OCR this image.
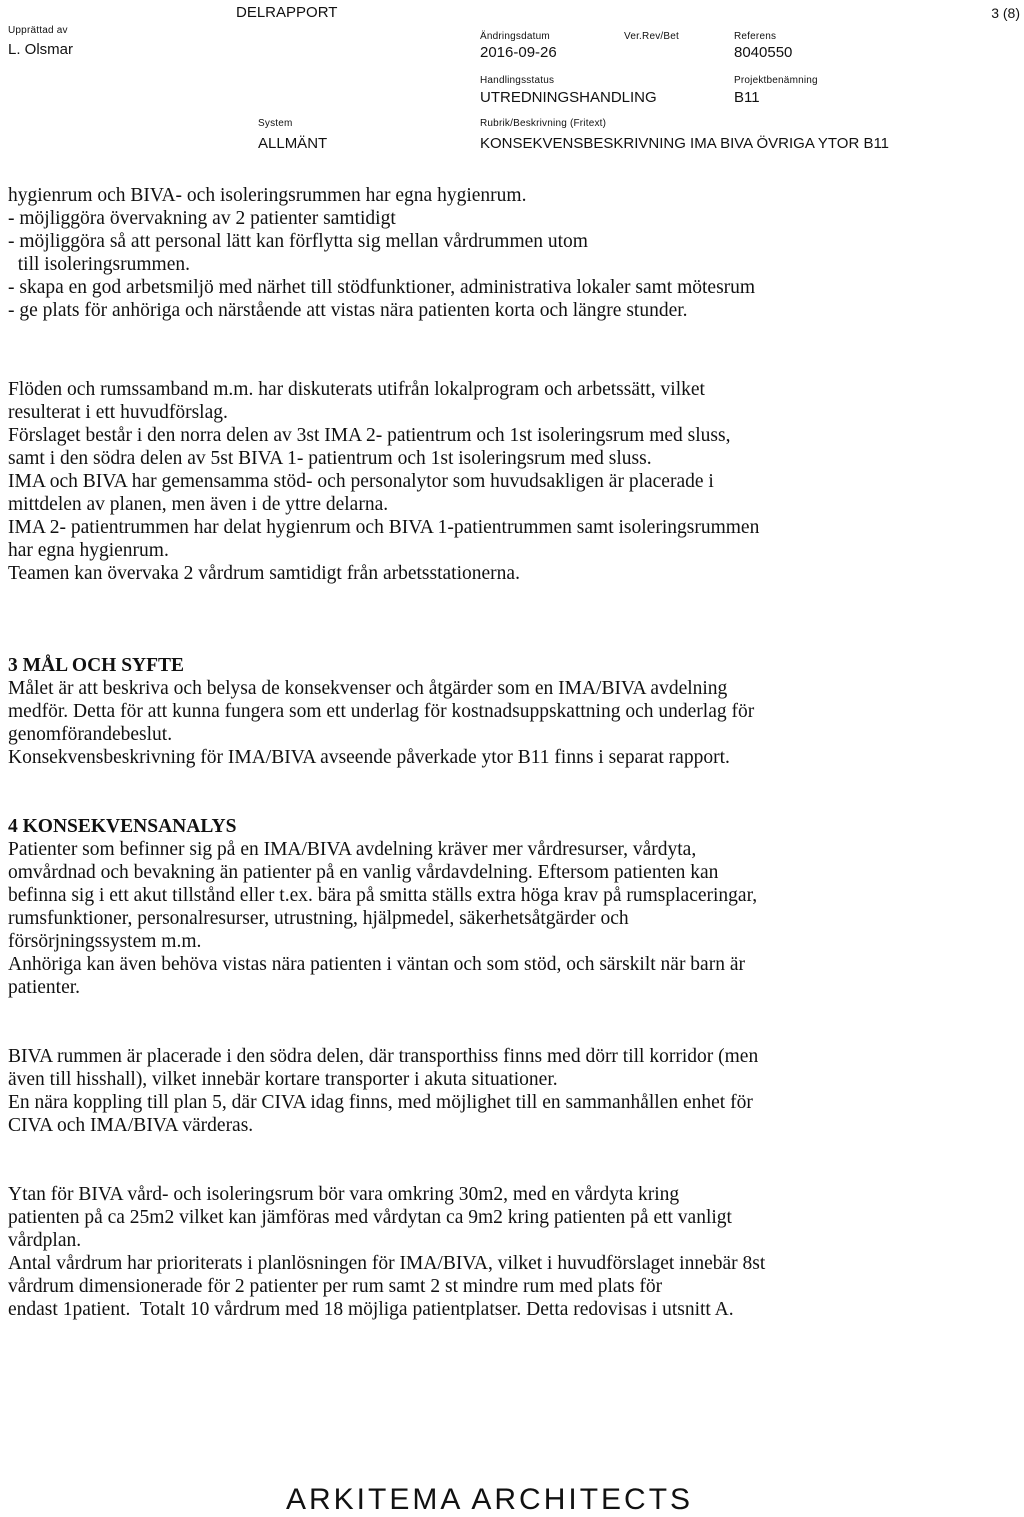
DELRAPPORT	3 (8)
Upprättad av
L. Olsmar
Ändringsdatum
2016-09-26
Ver.Rev/Bet	Referens
8040550
Handlingsstatus
UTREDNINGSHANDLING
Projektbenämning
B11
System
ALLMÄNT
Rubrik/Beskrivning (Fritext)
KONSEKVENSBESKRIVNING IMA BIVA ÖVRIGA YTOR B11

hygienrum och BIVA- och isoleringsrummen har egna hygienrum.

- möjliggöra övervakning av 2 patienter samtidigt

- möjliggöra så att personal lätt kan förflytta sig mellan vårdrummen utom

till isoleringsrummen.

- skapa en god arbetsmiljö med närhet till stödfunktioner, administrativa lokaler samt mötesrum

- ge plats för anhöriga och närstående att vistas nära patienten korta och längre stunder.

Flöden och rumssamband m.m. har diskuterats utifrån lokalprogram och arbetssätt, vilket

resulterat i ett huvudförslag.

Förslaget består i den norra delen av 3st IMA 2- patientrum och 1st isoleringsrum med sluss,

samt i den södra delen av 5st BIVA 1- patientrum och 1st isoleringsrum med sluss.

IMA och BIVA har gemensamma stöd- och personalytor som huvudsakligen är placerade i

mittdelen av planen, men även i de yttre delarna.

IMA 2- patientrummen har delat hygienrum och BIVA 1-patientrummen samt isoleringsrummen

har egna hygienrum.

Teamen kan övervaka 2 vårdrum samtidigt från arbetsstationerna.

3 MÅL OCH SYFTE

Målet är att beskriva och belysa de konsekvenser och åtgärder som en IMA/BIVA avdelning

medför. Detta för att kunna fungera som ett underlag för kostnadsuppskattning och underlag för

genomförandebeslut.

Konsekvensbeskrivning för IMA/BIVA avseende påverkade ytor B11 finns i separat rapport.

4 KONSEKVENSANALYS

Patienter som befinner sig på en IMA/BIVA avdelning kräver mer vårdresurser, vårdyta,

omvårdnad och bevakning än patienter på en vanlig vårdavdelning. Eftersom patienten kan

befinna sig i ett akut tillstånd eller t.ex. bära på smitta ställs extra höga krav på rumsplaceringar,

rumsfunktioner, personalresurser, utrustning, hjälpmedel, säkerhetsåtgärder och

försörjningssystem m.m.

Anhöriga kan även behöva vistas nära patienten i väntan och som stöd, och särskilt när barn är

patienter.

BIVA rummen är placerade i den södra delen, där transporthiss finns med dörr till korridor (men

även till hisshall), vilket innebär kortare transporter i akuta situationer.

En nära koppling till plan 5, där CIVA idag finns, med möjlighet till en sammanhållen enhet för

CIVA och IMA/BIVA värderas.

Ytan för BIVA vård- och isoleringsrum bör vara omkring 30m2, med en vårdyta kring

patienten på ca 25m2 vilket kan jämföras med vårdytan ca 9m2 kring patienten på ett vanligt

vårdplan.

Antal vårdrum har prioriterats i planlösningen för IMA/BIVA, vilket i huvudförslaget innebär 8st

vårdrum dimensionerade för 2 patienter per rum samt 2 st mindre rum med plats för

endast 1patient.  Totalt 10 vårdrum med 18 möjliga patientplatser. Detta redovisas i utsnitt A.

ARKITEMA ARCHITECTS
